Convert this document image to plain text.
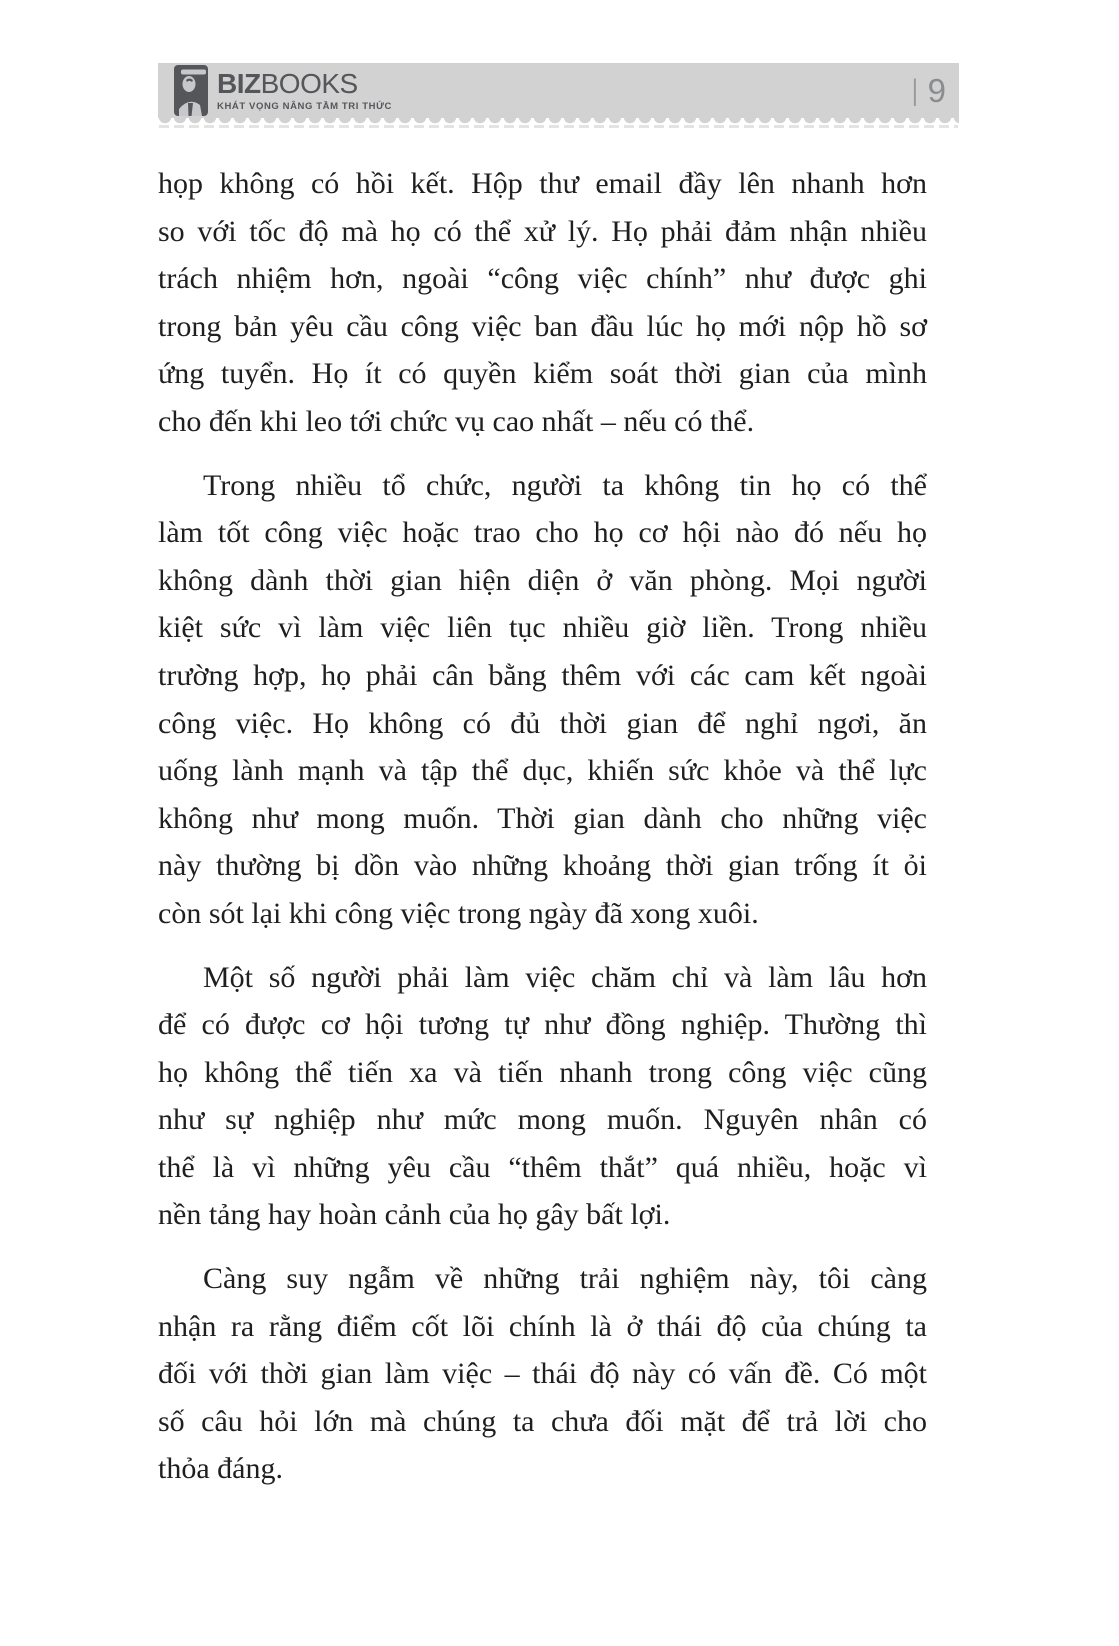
BIZBOOKS
KHÁT VỌNG NÂNG TẦM TRI THỨC	| 9
họp không có hồi kết. Hộp thư email đầy lên nhanh hơn
so với tốc độ mà họ có thể xử lý. Họ phải đảm nhận nhiều
trách nhiệm hơn, ngoài “công việc chính” như được ghi
trong bản yêu cầu công việc ban đầu lúc họ mới nộp hồ sơ
ứng tuyển. Họ ít có quyền kiểm soát thời gian của mình
cho đến khi leo tới chức vụ cao nhất – nếu có thể.
Trong nhiều tổ chức, người ta không tin họ có thể
làm tốt công việc hoặc trao cho họ cơ hội nào đó nếu họ
không dành thời gian hiện diện ở văn phòng. Mọi người
kiệt sức vì làm việc liên tục nhiều giờ liền. Trong nhiều
trường hợp, họ phải cân bằng thêm với các cam kết ngoài
công việc. Họ không có đủ thời gian để nghỉ ngơi, ăn
uống lành mạnh và tập thể dục, khiến sức khỏe và thể lực
không như mong muốn. Thời gian dành cho những việc
này thường bị dồn vào những khoảng thời gian trống ít ỏi
còn sót lại khi công việc trong ngày đã xong xuôi.
Một số người phải làm việc chăm chỉ và làm lâu hơn
để có được cơ hội tương tự như đồng nghiệp. Thường thì
họ không thể tiến xa và tiến nhanh trong công việc cũng
như sự nghiệp như mức mong muốn. Nguyên nhân có
thể là vì những yêu cầu “thêm thắt” quá nhiều, hoặc vì
nền tảng hay hoàn cảnh của họ gây bất lợi.
Càng suy ngẫm về những trải nghiệm này, tôi càng
nhận ra rằng điểm cốt lõi chính là ở thái độ của chúng ta
đối với thời gian làm việc – thái độ này có vấn đề. Có một
số câu hỏi lớn mà chúng ta chưa đối mặt để trả lời cho
thỏa đáng.
